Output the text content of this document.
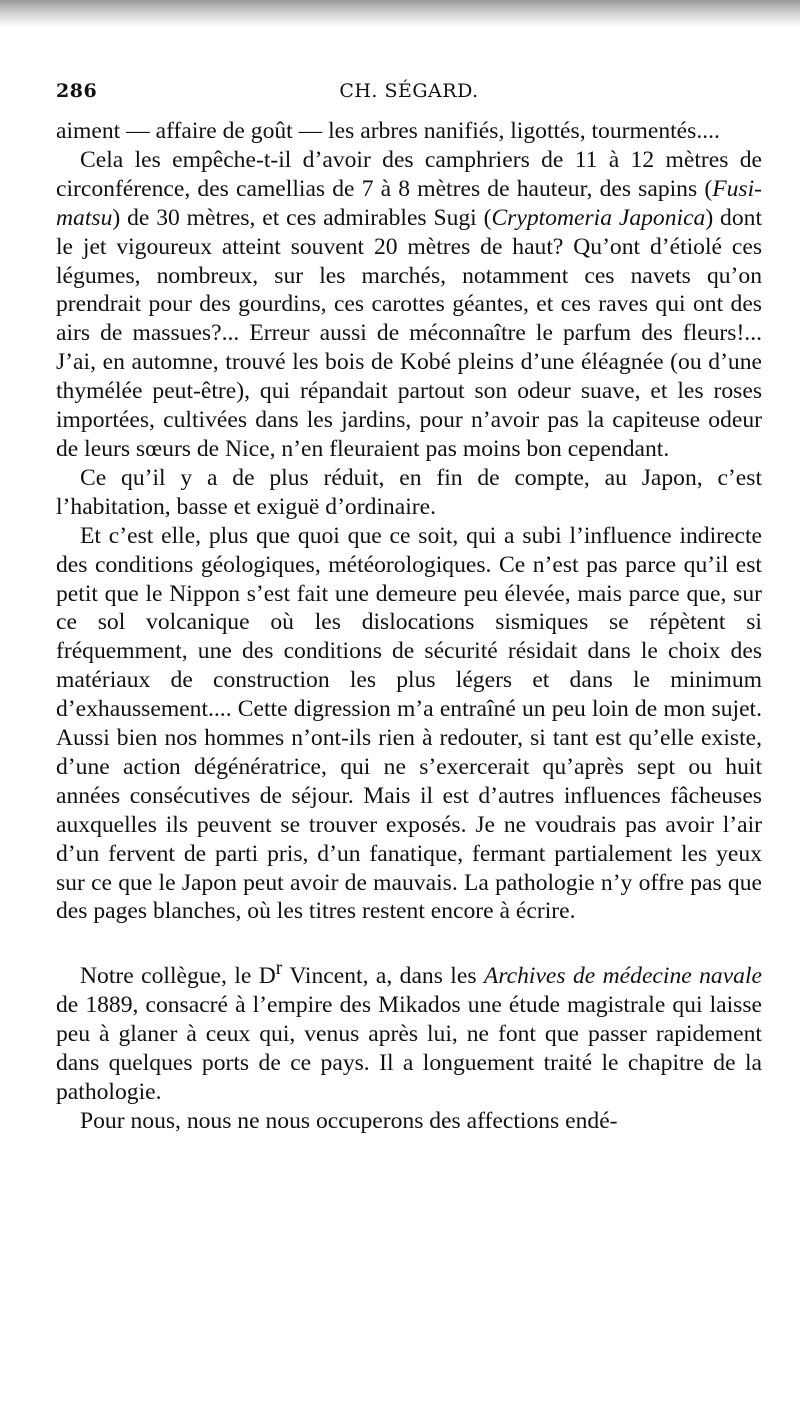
286	CH. SÉGARD.

aiment — affaire de goût — les arbres nanifiés, ligottés, tourmentés....

Cela les empêche-t-il d’avoir des camphriers de 11 à 12 mètres de circonférence, des camellias de 7 à 8 mètres de hauteur, des sapins (Fusi-matsu) de 30 mètres, et ces admirables Sugi (Cryptomeria Japonica) dont le jet vigoureux atteint souvent 20 mètres de haut? Qu’ont d’étiolé ces légumes, nombreux, sur les marchés, notamment ces navets qu’on prendrait pour des gourdins, ces carottes géantes, et ces raves qui ont des airs de massues?... Erreur aussi de méconnaître le parfum des fleurs!... J’ai, en automne, trouvé les bois de Kobé pleins d’une éléagnée (ou d’une thymélée peut-être), qui répandait partout son odeur suave, et les roses importées, cultivées dans les jardins, pour n’avoir pas la capiteuse odeur de leurs sœurs de Nice, n’en fleuraient pas moins bon cependant.

Ce qu’il y a de plus réduit, en fin de compte, au Japon, c’est l’habitation, basse et exiguë d’ordinaire.

Et c’est elle, plus que quoi que ce soit, qui a subi l’influence indirecte des conditions géologiques, météorologiques. Ce n’est pas parce qu’il est petit que le Nippon s’est fait une demeure peu élevée, mais parce que, sur ce sol volcanique où les dislocations sismiques se répètent si fréquemment, une des conditions de sécurité résidait dans le choix des matériaux de construction les plus légers et dans le minimum d’exhaussement.... Cette digression m’a entraîné un peu loin de mon sujet. Aussi bien nos hommes n’ont-ils rien à redouter, si tant est qu’elle existe, d’une action dégénératrice, qui ne s’exercerait qu’après sept ou huit années consécutives de séjour. Mais il est d’autres influences fâcheuses auxquelles ils peuvent se trouver exposés. Je ne voudrais pas avoir l’air d’un fervent de parti pris, d’un fanatique, fermant partialement les yeux sur ce que le Japon peut avoir de mauvais. La pathologie n’y offre pas que des pages blanches, où les titres restent encore à écrire.

Notre collègue, le $D^r$ Vincent, a, dans les Archives de médecine navale de 1889, consacré à l’empire des Mikados une étude magistrale qui laisse peu à glaner à ceux qui, venus après lui, ne font que passer rapidement dans quelques ports de ce pays. Il a longuement traité le chapitre de la pathologie.

Pour nous, nous ne nous occuperons des affections endé-
